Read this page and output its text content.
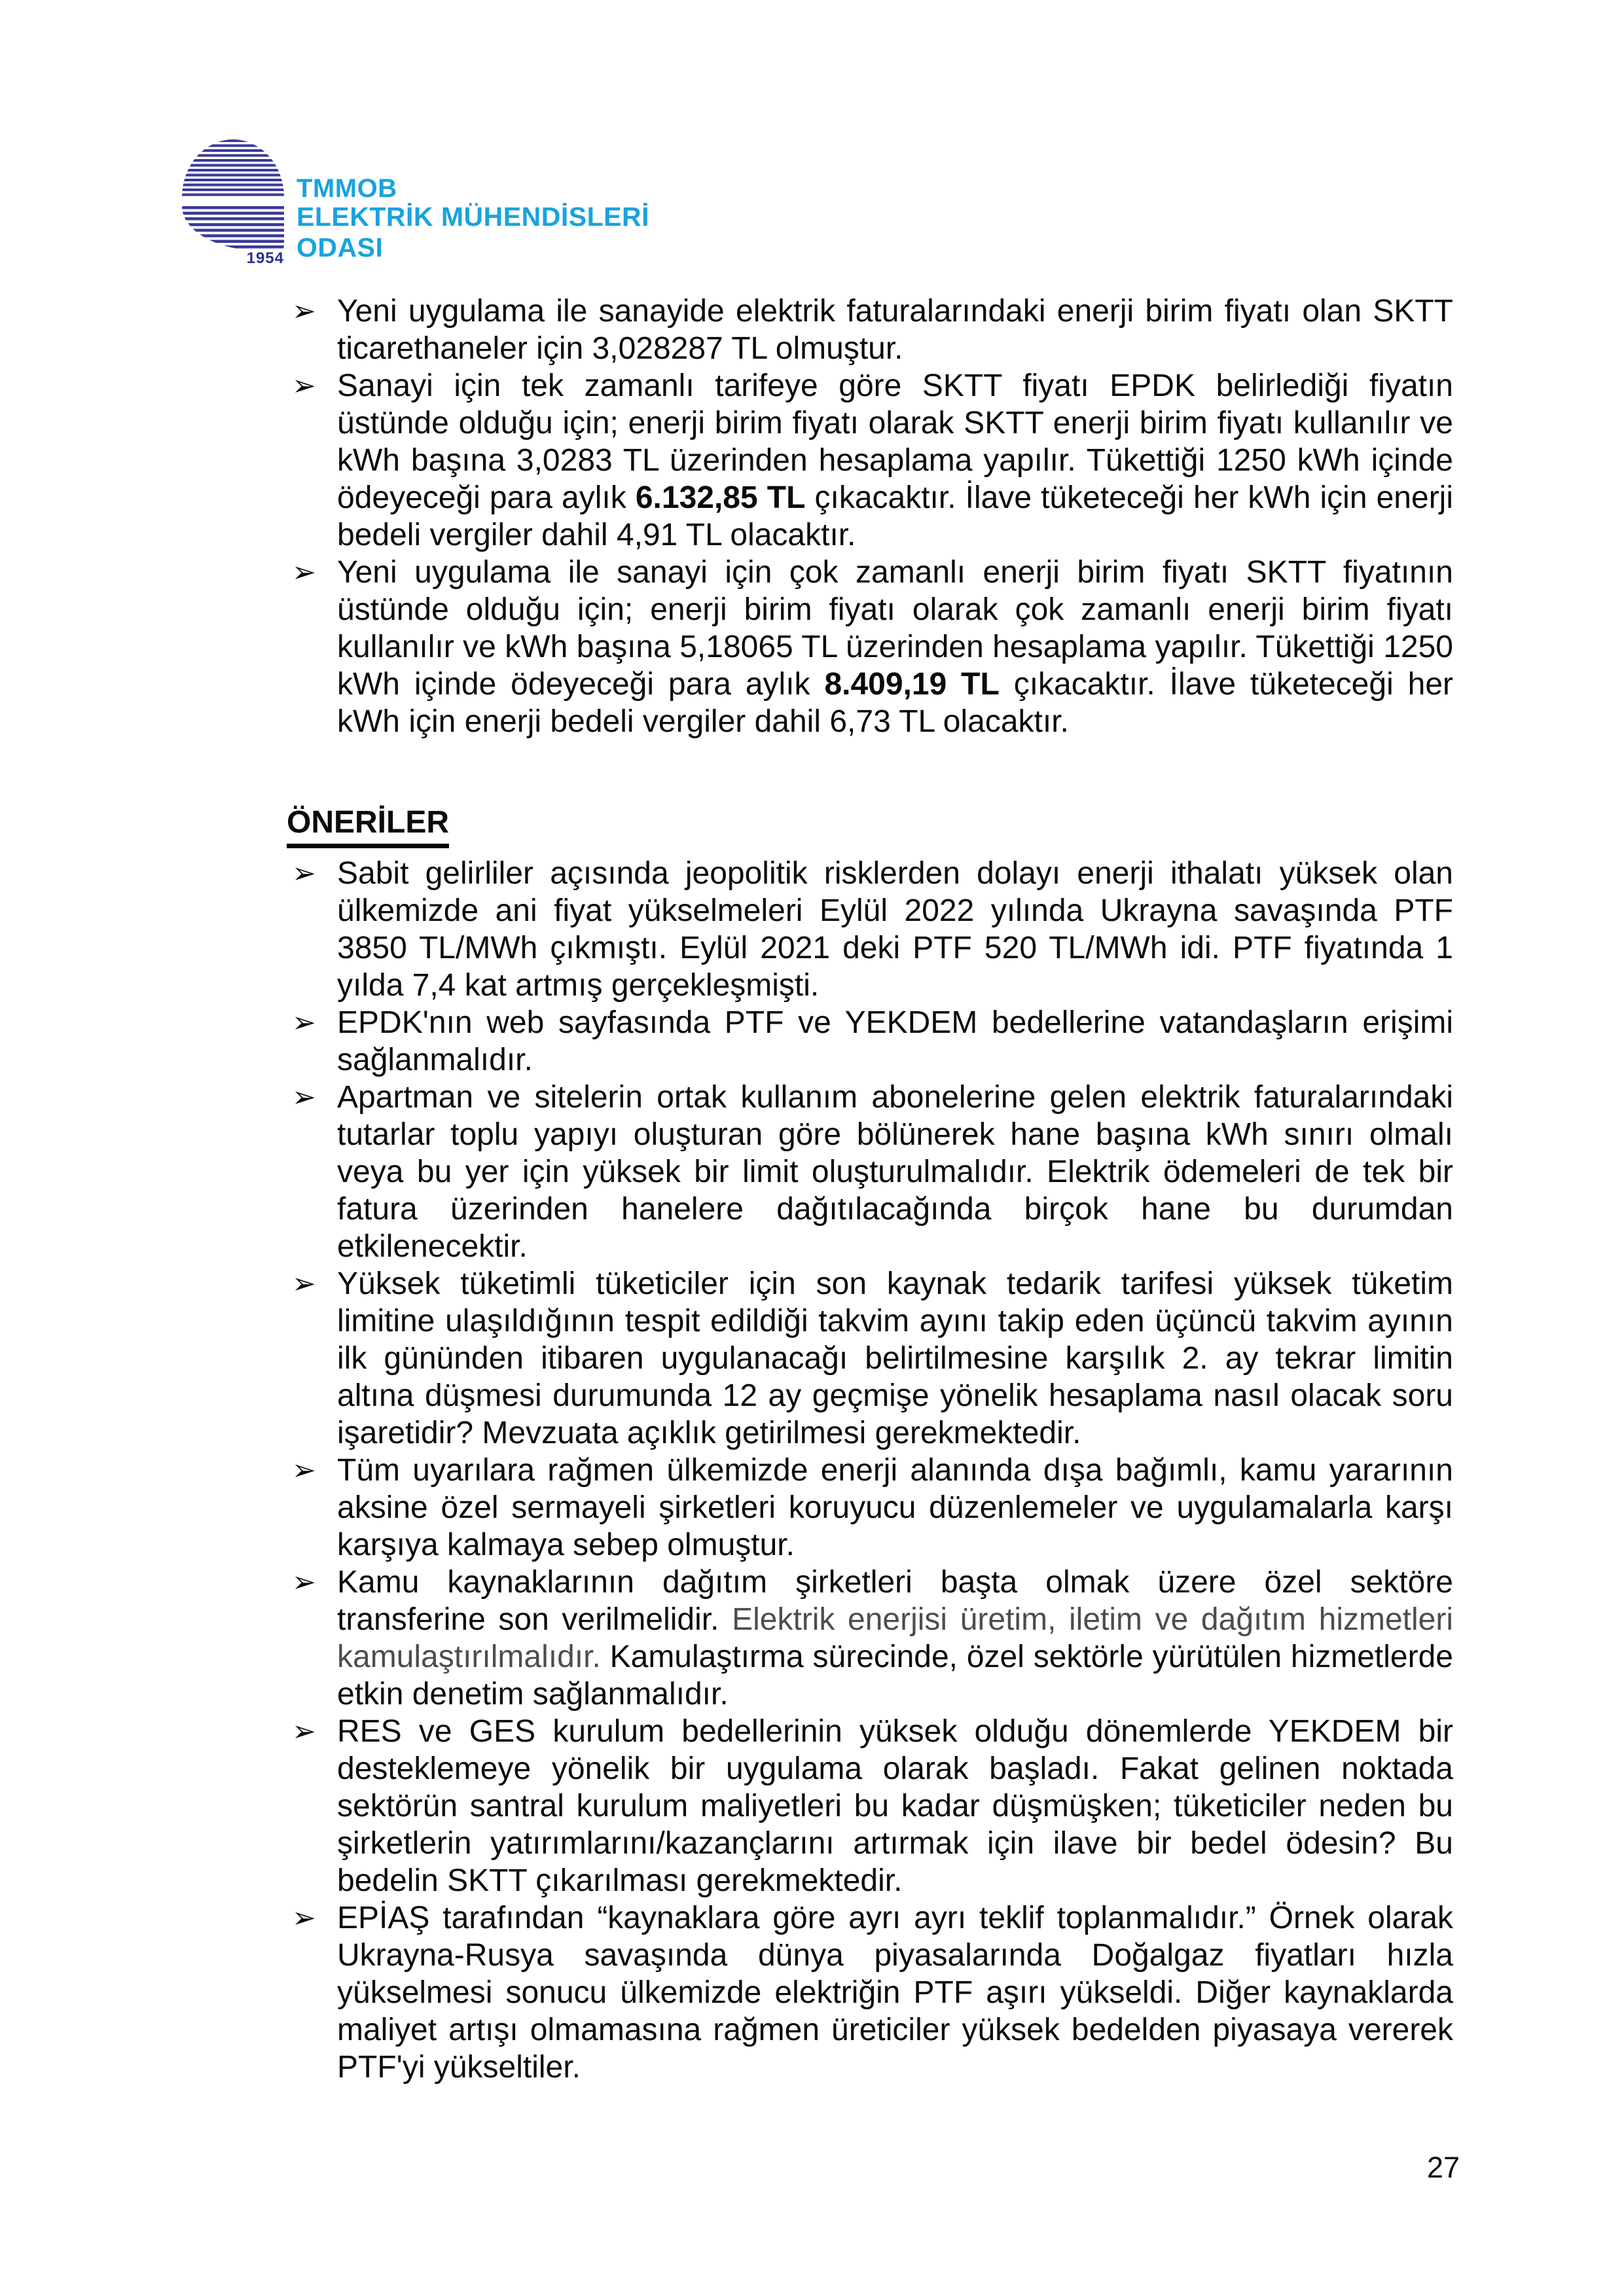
1954
TMMOB
ELEKTRİK MÜHENDİSLERİ ODASI
➢ Yeni uygulama ile sanayide elektrik faturalarındaki enerji birim fiyatı olan SKTT ticarethaneler için 3,028287 TL olmuştur.
➢ Sanayi için tek zamanlı tarifeye göre SKTT fiyatı EPDK belirlediği fiyatın üstünde olduğu için; enerji birim fiyatı olarak SKTT enerji birim fiyatı kullanılır ve kWh başına 3,0283 TL üzerinden hesaplama yapılır. Tükettiği 1250 kWh içinde ödeyeceği para aylık 6.132,85 TL çıkacaktır. İlave tüketeceği her kWh için enerji bedeli vergiler dahil 4,91 TL olacaktır.
➢ Yeni uygulama ile sanayi için çok zamanlı enerji birim fiyatı SKTT fiyatının üstünde olduğu için; enerji birim fiyatı olarak çok zamanlı enerji birim fiyatı kullanılır ve kWh başına 5,18065 TL üzerinden hesaplama yapılır. Tükettiği 1250 kWh içinde ödeyeceği para aylık 8.409,19 TL çıkacaktır. İlave tüketeceği her kWh için enerji bedeli vergiler dahil 6,73 TL olacaktır.
ÖNERİLER
➢ Sabit gelirliler açısında jeopolitik risklerden dolayı enerji ithalatı yüksek olan ülkemizde ani fiyat yükselmeleri Eylül 2022 yılında Ukrayna savaşında PTF 3850 TL/MWh çıkmıştı. Eylül 2021 deki PTF 520 TL/MWh idi. PTF fiyatında 1 yılda 7,4 kat artmış gerçekleşmişti.
➢ EPDK'nın web sayfasında PTF ve YEKDEM bedellerine vatandaşların erişimi sağlanmalıdır.
➢ Apartman ve sitelerin ortak kullanım abonelerine gelen elektrik faturalarındaki tutarlar toplu yapıyı oluşturan göre bölünerek hane başına kWh sınırı olmalı veya bu yer için yüksek bir limit oluşturulmalıdır. Elektrik ödemeleri de tek bir fatura üzerinden hanelere dağıtılacağında birçok hane bu durumdan etkilenecektir.
➢ Yüksek tüketimli tüketiciler için son kaynak tedarik tarifesi yüksek tüketim limitine ulaşıldığının tespit edildiği takvim ayını takip eden üçüncü takvim ayının ilk gününden itibaren uygulanacağı belirtilmesine karşılık 2. ay tekrar limitin altına düşmesi durumunda 12 ay geçmişe yönelik hesaplama nasıl olacak soru işaretidir? Mevzuata açıklık getirilmesi gerekmektedir.
➢ Tüm uyarılara rağmen ülkemizde enerji alanında dışa bağımlı, kamu yararının aksine özel sermayeli şirketleri koruyucu düzenlemeler ve uygulamalarla karşı karşıya kalmaya sebep olmuştur.
➢ Kamu kaynaklarının dağıtım şirketleri başta olmak üzere özel sektöre transferine son verilmelidir. Elektrik enerjisi üretim, iletim ve dağıtım hizmetleri kamulaştırılmalıdır. Kamulaştırma sürecinde, özel sektörle yürütülen hizmetlerde etkin denetim sağlanmalıdır.
➢ RES ve GES kurulum bedellerinin yüksek olduğu dönemlerde YEKDEM bir desteklemeye yönelik bir uygulama olarak başladı. Fakat gelinen noktada sektörün santral kurulum maliyetleri bu kadar düşmüşken; tüketiciler neden bu şirketlerin yatırımlarını/kazançlarını artırmak için ilave bir bedel ödesin? Bu bedelin SKTT çıkarılması gerekmektedir.
➢ EPİAŞ tarafından “kaynaklara göre ayrı ayrı teklif toplanmalıdır.” Örnek olarak Ukrayna-Rusya savaşında dünya piyasalarında Doğalgaz fiyatları hızla yükselmesi sonucu ülkemizde elektriğin PTF aşırı yükseldi. Diğer kaynaklarda maliyet artışı olmamasına rağmen üreticiler yüksek bedelden piyasaya vererek PTF'yi yükseltiler.
27
